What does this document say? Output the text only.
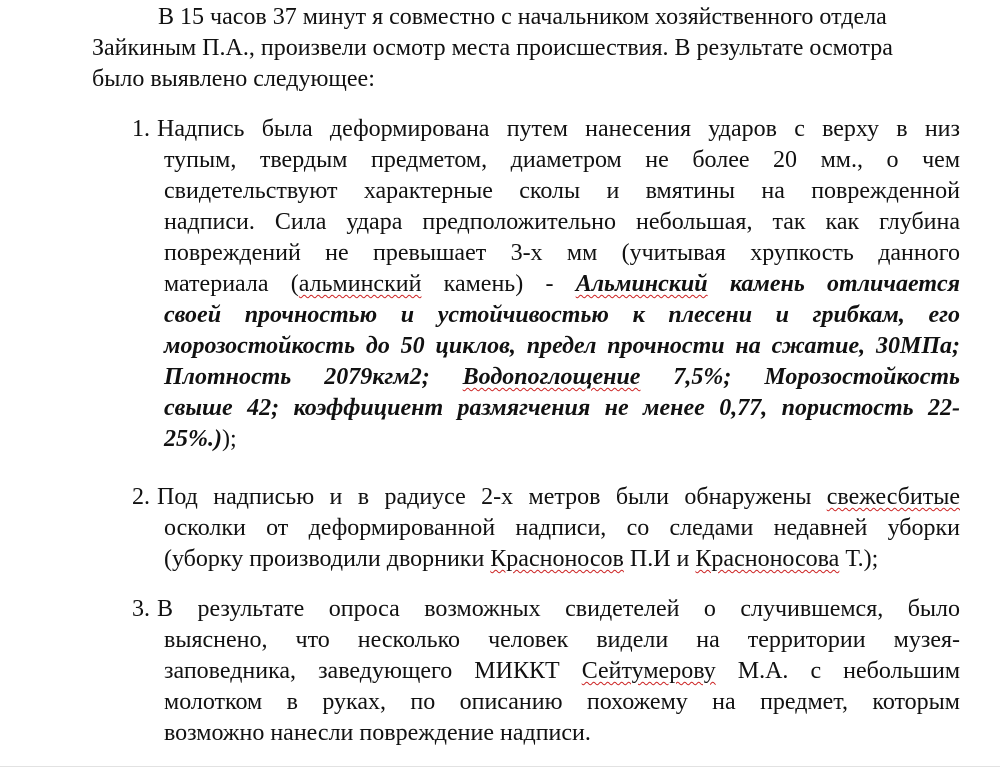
В 15 часов 37 минут я совместно с начальником хозяйственного отдела

Зайкиным П.А., произвели осмотр места происшествия. В результате осмотра

было выявлено следующее:

1. Надпись была деформирована путем нанесения ударов с верху в низ
тупым, твердым предметом, диаметром не более 20 мм., о чем
свидетельствуют характерные сколы и вмятины на поврежденной
надписи. Сила удара предположительно небольшая, так как глубина
повреждений не превышает 3-х мм (учитывая хрупкость данного
материала (альминский камень) - Альминский камень отличается
своей прочностью и устойчивостью к плесени и грибкам, его
морозостойкость до 50 циклов, предел прочности на сжатие, 30МПа;
Плотность 2079кгм2; Водопоглощение 7,5%; Морозостойкость
свыше 42; коэффициент размягчения не менее 0,77, пористость 22-
25%.));
2. Под надписью и в радиусе 2-х метров были обнаружены свежесбитые
осколки от деформированной надписи, со следами недавней уборки
(уборку производили дворники Красноносов П.И и Красноносова Т.);
3. В результате опроса возможных свидетелей о случившемся, было
выяснено, что несколько человек видели на территории музея-
заповедника, заведующего МИККТ Сейтумерову М.А. с небольшим
молотком в руках, по описанию похожему на предмет, которым
возможно нанесли повреждение надписи.
